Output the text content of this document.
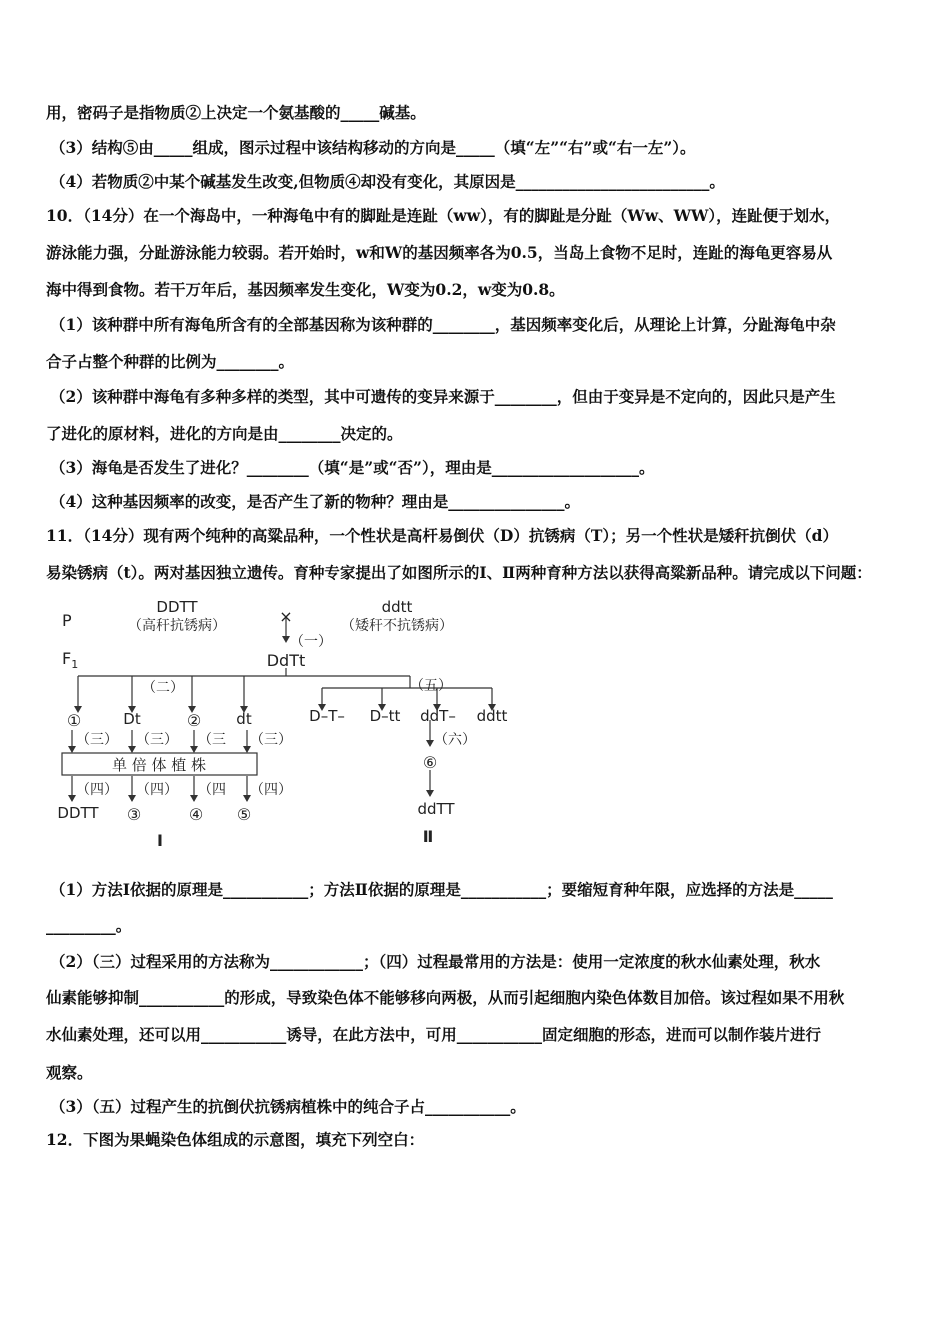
用，密码子是指物质②上决定一个氨基酸的_____碱基。
（3）结构⑤由_____组成，图示过程中该结构移动的方向是_____（填“左”“右”或“右一左”）。
（4）若物质②中某个碱基发生改变,但物质④却没有变化，其原因是_________________________。
10．（14分）在一个海岛中，一种海龟中有的脚趾是连趾（ww），有的脚趾是分趾（Ww、WW），连趾便于划水，
游泳能力强，分趾游泳能力较弱。若开始时，w和W的基因频率各为0.5，当岛上食物不足时，连趾的海龟更容易从
海中得到食物。若干万年后，基因频率发生变化，W变为0.2，w变为0.8。
（1）该种群中所有海龟所含有的全部基因称为该种群的________，基因频率变化后，从理论上计算，分趾海龟中杂
合子占整个种群的比例为________。
（2）该种群中海龟有多种多样的类型，其中可遗传的变异来源于________，但由于变异是不定向的，因此只是产生
了进化的原材料，进化的方向是由________决定的。
（3）海龟是否发生了进化？________（填“是”或“否”），理由是___________________。
（4）这种基因频率的改变，是否产生了新的物种？理由是_______________。
11．（14分）现有两个纯种的高粱品种，一个性状是高杆易倒伏（D）抗锈病（T）；另一个性状是矮秆抗倒伏（d）
易染锈病（t）。两对基因独立遗传。育种专家提出了如图所示的Ⅰ、Ⅱ两种育种方法以获得高粱新品种。请完成以下问题：
P
$F_1$
DDTT
（高秆抗锈病）	×	ddtt
（矮秆不抗锈病）
（一）
DdTt
（二）	（五）
①	Dt	② dt
（三） （三） （三 （三）
单 倍 体 植 株
（四） （四） （四 （四）
DDTT ③	④ ⑤
D–T– D–tt ddT– ddtt
（六）
⑥
ddTT
Ⅰ	Ⅱ
（1）方法Ⅰ依据的原理是___________；方法Ⅱ依据的原理是___________；要缩短育种年限，应选择的方法是_____
_________。
（2）（三）过程采用的方法称为____________；（四）过程最常用的方法是：使用一定浓度的秋水仙素处理，秋水
仙素能够抑制___________的形成，导致染色体不能够移向两极，从而引起细胞内染色体数目加倍。该过程如果不用秋
水仙素处理，还可以用___________诱导，在此方法中，可用___________固定细胞的形态，进而可以制作装片进行
观察。
（3）（五）过程产生的抗倒伏抗锈病植株中的纯合子占___________。
12．下图为果蝇染色体组成的示意图，填充下列空白：
